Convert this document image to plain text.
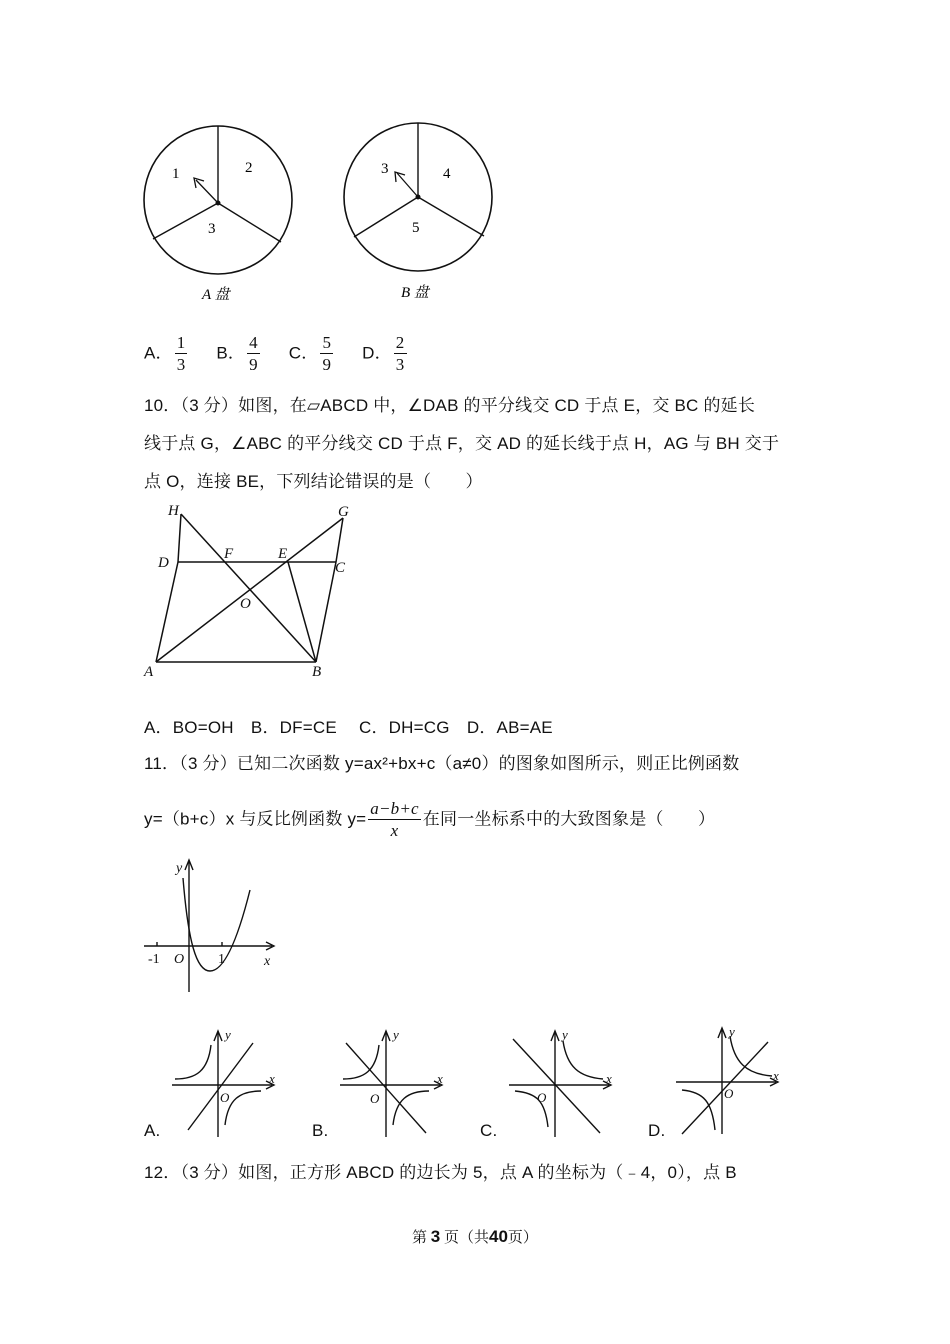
1	2
3
A 盘
3	4
5
B 盘
A． $\frac{1}{3}$ B． $\frac{4}{9}$ C． $\frac{5}{9}$ D． $\frac{2}{3}$
10．（3 分）如图，在▱ABCD 中，∠DAB 的平分线交 CD 于点 E，交 BC 的延长
线于点 G，∠ABC 的平分线交 CD 于点 F，交 AD 的延长线于点 H，AG 与 BH 交于
点 O，连接 BE，下列结论错误的是（　　）
H	G
D
F	E
C
O
A	B
A．BO=OH　B．DF=CE　 C．DH=CG　D．AB=AE
11．（3 分）已知二次函数 y=ax²+bx+c（a≠0）的图象如图所示，则正比例函数
y=（b+c）x 与反比例函数 $y= \frac{a-b+c}{x}$ 在同一坐标系中的大致图象是（　　）
y
x
O
-1	1
A.
y
x
O
B.
y
x
O
C.
y
x
O
D.
y
x
O
12．（3 分）如图，正方形 ABCD 的边长为 5，点 A 的坐标为（﹣4，0），点 B
第 3 页（共40页）
